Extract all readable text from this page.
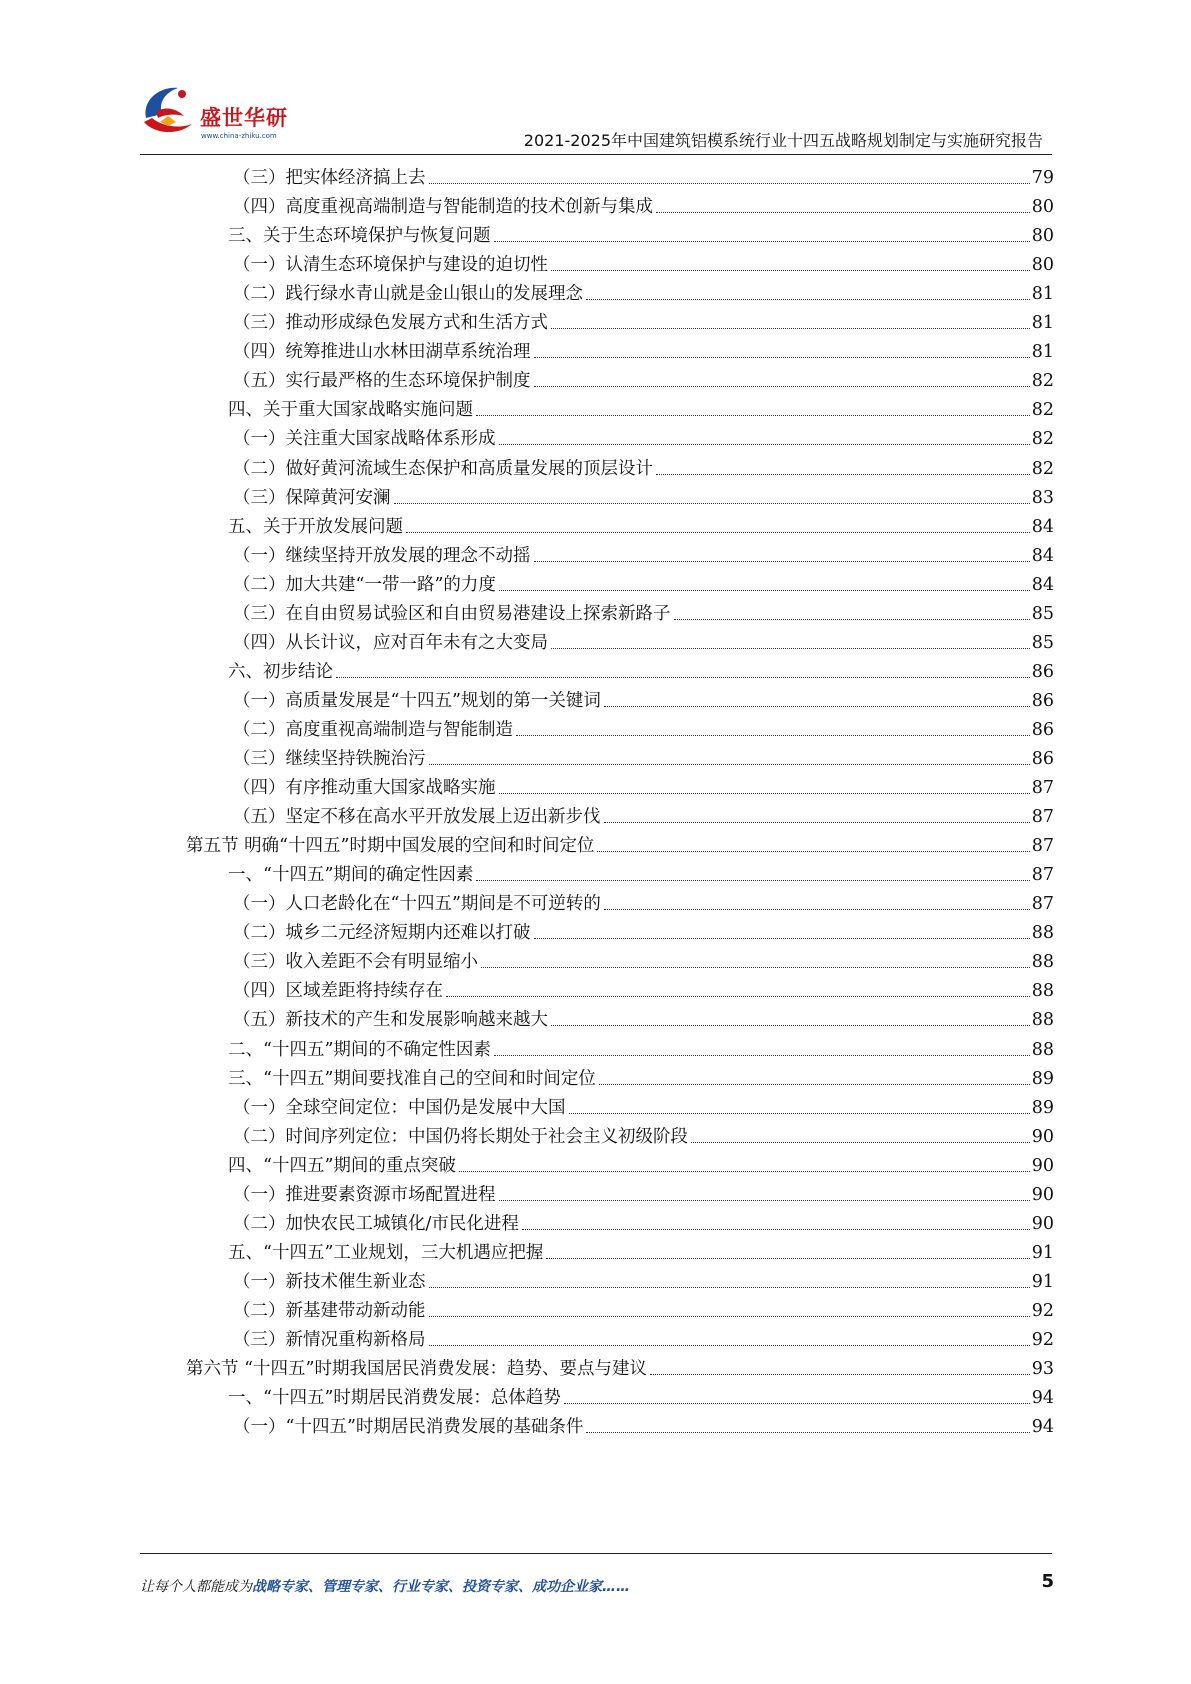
盛世华研
www.china-zhiku.com	2021-2025年中国建筑铝模系统行业十四五战略规划制定与实施研究报告
（三）把实体经济搞上去	79
（四）高度重视高端制造与智能制造的技术创新与集成	80
三、关于生态环境保护与恢复问题	80
（一）认清生态环境保护与建设的迫切性	80
（二）践行绿水青山就是金山银山的发展理念	81
（三）推动形成绿色发展方式和生活方式	81
（四）统筹推进山水林田湖草系统治理	81
（五）实行最严格的生态环境保护制度	82
四、关于重大国家战略实施问题	82
（一）关注重大国家战略体系形成	82
（二）做好黄河流域生态保护和高质量发展的顶层设计	82
（三）保障黄河安澜	83
五、关于开放发展问题	84
（一）继续坚持开放发展的理念不动摇	84
（二）加大共建“一带一路”的力度	84
（三）在自由贸易试验区和自由贸易港建设上探索新路子	85
（四）从长计议，应对百年未有之大变局	85
六、初步结论	86
（一）高质量发展是“十四五”规划的第一关键词	86
（二）高度重视高端制造与智能制造	86
（三）继续坚持铁腕治污	86
（四）有序推动重大国家战略实施	87
（五）坚定不移在高水平开放发展上迈出新步伐	87
第五节 明确“十四五”时期中国发展的空间和时间定位	87
一、“十四五”期间的确定性因素	87
（一）人口老龄化在“十四五”期间是不可逆转的	87
（二）城乡二元经济短期内还难以打破	88
（三）收入差距不会有明显缩小	88
（四）区域差距将持续存在	88
（五）新技术的产生和发展影响越来越大	88
二、“十四五”期间的不确定性因素	88
三、“十四五”期间要找准自己的空间和时间定位	89
（一）全球空间定位：中国仍是发展中大国	89
（二）时间序列定位：中国仍将长期处于社会主义初级阶段	90
四、“十四五”期间的重点突破	90
（一）推进要素资源市场配置进程	90
（二）加快农民工城镇化/市民化进程	90
五、“十四五”工业规划，三大机遇应把握	91
（一）新技术催生新业态	91
（二）新基建带动新动能	92
（三）新情况重构新格局	92
第六节 “十四五”时期我国居民消费发展：趋势、要点与建议	93
一、“十四五”时期居民消费发展：总体趋势	94
（一）“十四五”时期居民消费发展的基础条件	94
让每个人都能成为战略专家、管理专家、行业专家、投资专家、成功企业家……	5
